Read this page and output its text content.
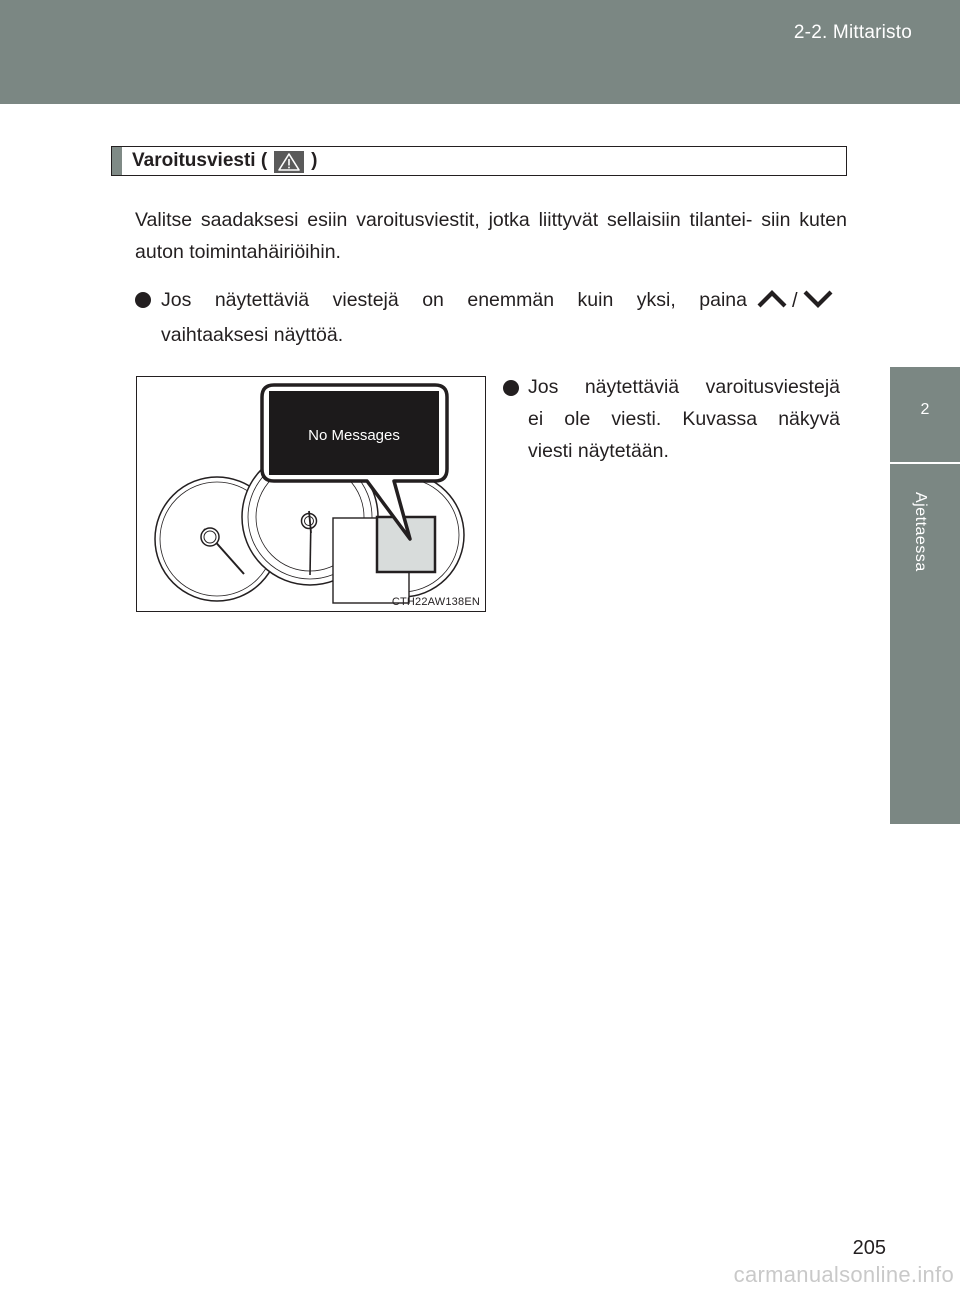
2-2. Mittaristo
2
Ajettaessa
Varoitusviesti ( )
Valitse saadaksesi esiin varoitusviestit, jotka liittyvät sellaisiin tilantei- siin kuten auton toimintahäiriöihin.
Jos näytettäviä viestejä on enemmän kuin yksi, paina /
vaihtaaksesi näyttöä.
No Messages
CTH22AW138EN
Jos näytettäviä varoitusviestejä
ei ole viesti. Kuvassa näkyvä
viesti näytetään.
205
carmanualsonline.info
